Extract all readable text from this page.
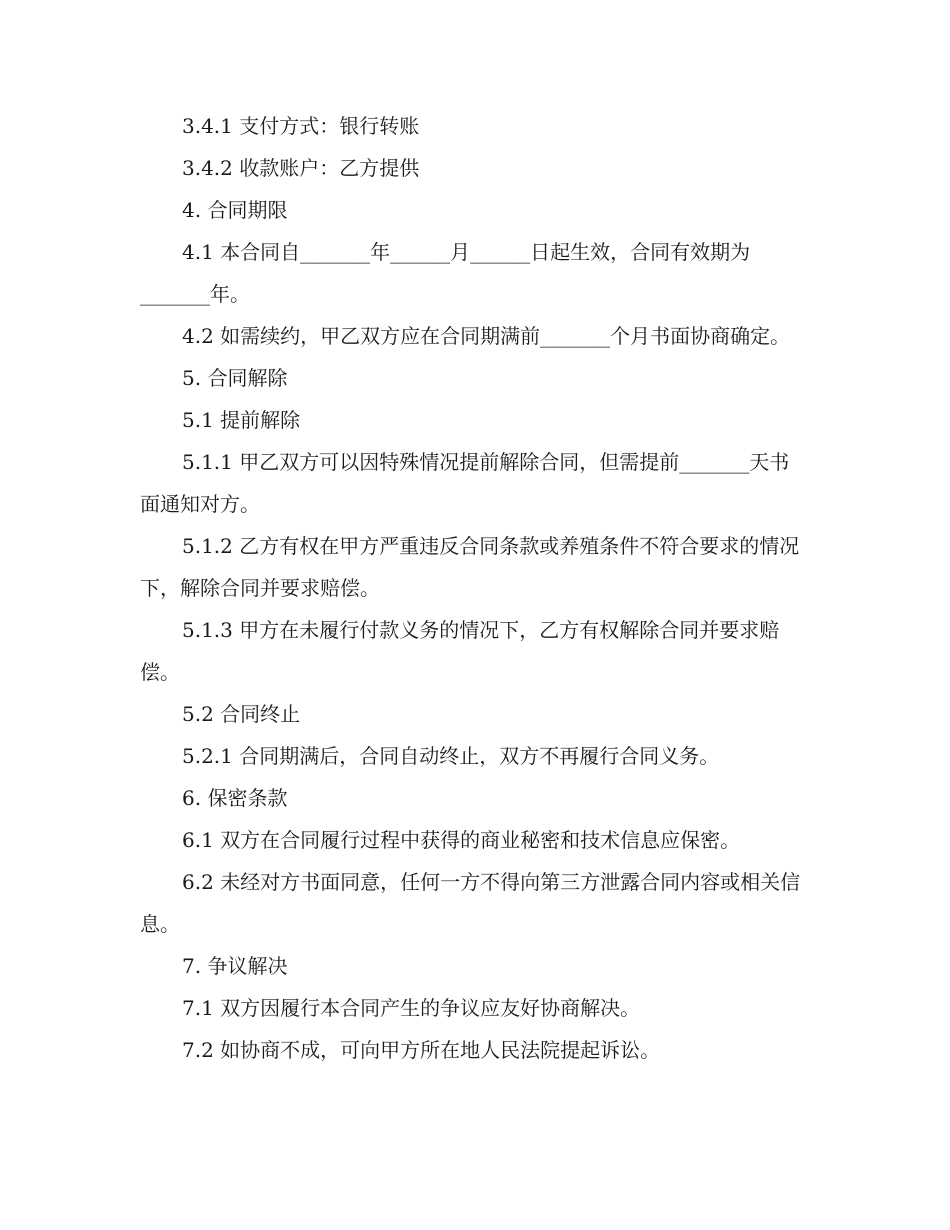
3.4.1 支付方式：银行转账

3.4.2 收款账户：乙方提供

4. 合同期限

4.1 本合同自_______年______月______日起生效，合同有效期为_______年。

4.2 如需续约，甲乙双方应在合同期满前_______个月书面协商确定。

5. 合同解除

5.1 提前解除

5.1.1 甲乙双方可以因特殊情况提前解除合同，但需提前_______天书面通知对方。

5.1.2 乙方有权在甲方严重违反合同条款或养殖条件不符合要求的情况下，解除合同并要求赔偿。

5.1.3 甲方在未履行付款义务的情况下，乙方有权解除合同并要求赔偿。

5.2 合同终止

5.2.1 合同期满后，合同自动终止，双方不再履行合同义务。

6. 保密条款

6.1 双方在合同履行过程中获得的商业秘密和技术信息应保密。

6.2 未经对方书面同意，任何一方不得向第三方泄露合同内容或相关信息。

7. 争议解决

7.1 双方因履行本合同产生的争议应友好协商解决。

7.2 如协商不成，可向甲方所在地人民法院提起诉讼。
